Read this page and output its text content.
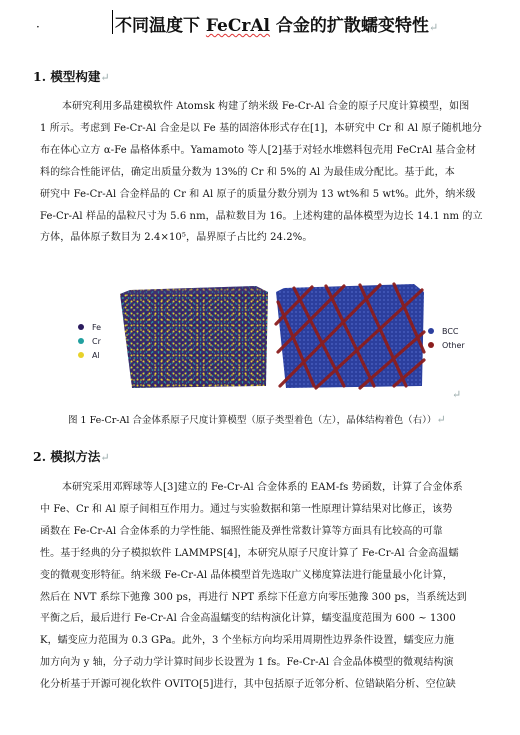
·	不同温度下 FeCrAl 合金的扩散蠕变特性↵
1. 模型构建↵
本研究利用多晶建模软件 Atomsk 构建了纳米级 Fe-Cr-Al 合金的原子尺度计算模型，如图
1 所示。考虑到 Fe-Cr-Al 合金是以 Fe 基的固溶体形式存在[1]，本研究中 Cr 和 Al 原子随机地分
布在体心立方 α-Fe 晶格体系中。Yamamoto 等人[2]基于对轻水堆燃料包壳用 FeCrAl 基合金材
料的综合性能评估，确定出质量分数为 13%的 Cr 和 5%的 Al 为最佳成分配比。基于此，本
研究中 Fe-Cr-Al 合金样品的 Cr 和 Al 原子的质量分数分别为 13 wt%和 5 wt%。此外，纳米级
Fe-Cr-Al 样品的晶粒尺寸为 5.6 nm，晶粒数目为 16。上述构建的晶体模型为边长 14.1 nm 的立
方体，晶体原子数目为 2.4×10⁵，晶界原子占比约 24.2%。
Fe
Cr
Al
BCC
Other
↵
图 1 Fe-Cr-Al 合金体系原子尺度计算模型（原子类型着色（左），晶体结构着色（右））↵
2. 模拟方法↵
本研究采用邓辉球等人[3]建立的 Fe-Cr-Al 合金体系的 EAM-fs 势函数，计算了合金体系
中 Fe、Cr 和 Al 原子间相互作用力。通过与实验数据和第一性原理计算结果对比修正，该势
函数在 Fe-Cr-Al 合金体系的力学性能、辐照性能及弹性常数计算等方面具有比较高的可靠
性。基于经典的分子模拟软件 LAMMPS[4]，本研究从原子尺度计算了 Fe-Cr-Al 合金高温蠕
变的微观变形特征。纳米级 Fe-Cr-Al 晶体模型首先选取广义梯度算法进行能量最小化计算，
然后在 NVT 系综下弛豫 300 ps，再进行 NPT 系综下任意方向零压弛豫 300 ps，当系统达到
平衡之后，最后进行 Fe-Cr-Al 合金高温蠕变的结构演化计算，蠕变温度范围为 600 ~ 1300
K，蠕变应力范围为 0.3 GPa。此外，3 个坐标方向均采用周期性边界条件设置，蠕变应力施
加方向为 y 轴，分子动力学计算时间步长设置为 1 fs。Fe-Cr-Al 合金晶体模型的微观结构演
化分析基于开源可视化软件 OVITO[5]进行，其中包括原子近邻分析、位错缺陷分析、空位缺
